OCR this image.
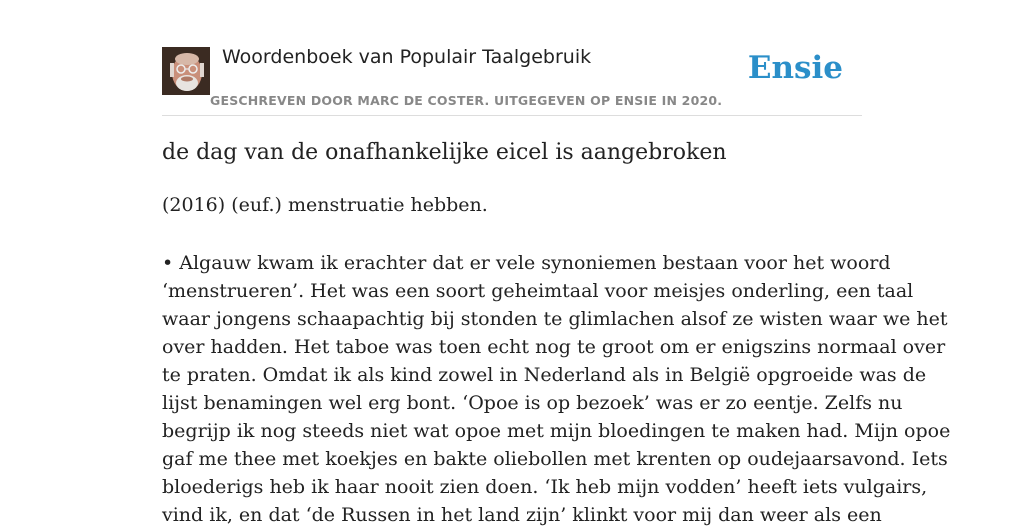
Woordenboek van Populair Taalgebruik
GESCHREVEN DOOR MARC DE COSTER. UITGEGEVEN OP ENSIE IN 2020.
Ensie
de dag van de onafhankelijke eicel is aangebroken
(2016) (euf.) menstruatie hebben.
• Algauw kwam ik erachter dat er vele synoniemen bestaan voor het woord
‘menstrueren’. Het was een soort geheimtaal voor meisjes onderling, een taal
waar jongens schaapachtig bij stonden te glimlachen alsof ze wisten waar we het
over hadden. Het taboe was toen echt nog te groot om er enigszins normaal over
te praten. Omdat ik als kind zowel in Nederland als in België opgroeide was de
lijst benamingen wel erg bont. ‘Opoe is op bezoek’ was er zo eentje. Zelfs nu
begrijp ik nog steeds niet wat opoe met mijn bloedingen te maken had. Mijn opoe
gaf me thee met koekjes en bakte oliebollen met krenten op oudejaarsavond. Iets
bloederigs heb ik haar nooit zien doen. ‘Ik heb mijn vodden’ heeft iets vulgairs,
vind ik, en dat ‘de Russen in het land zijn’ klinkt voor mij dan weer als een
